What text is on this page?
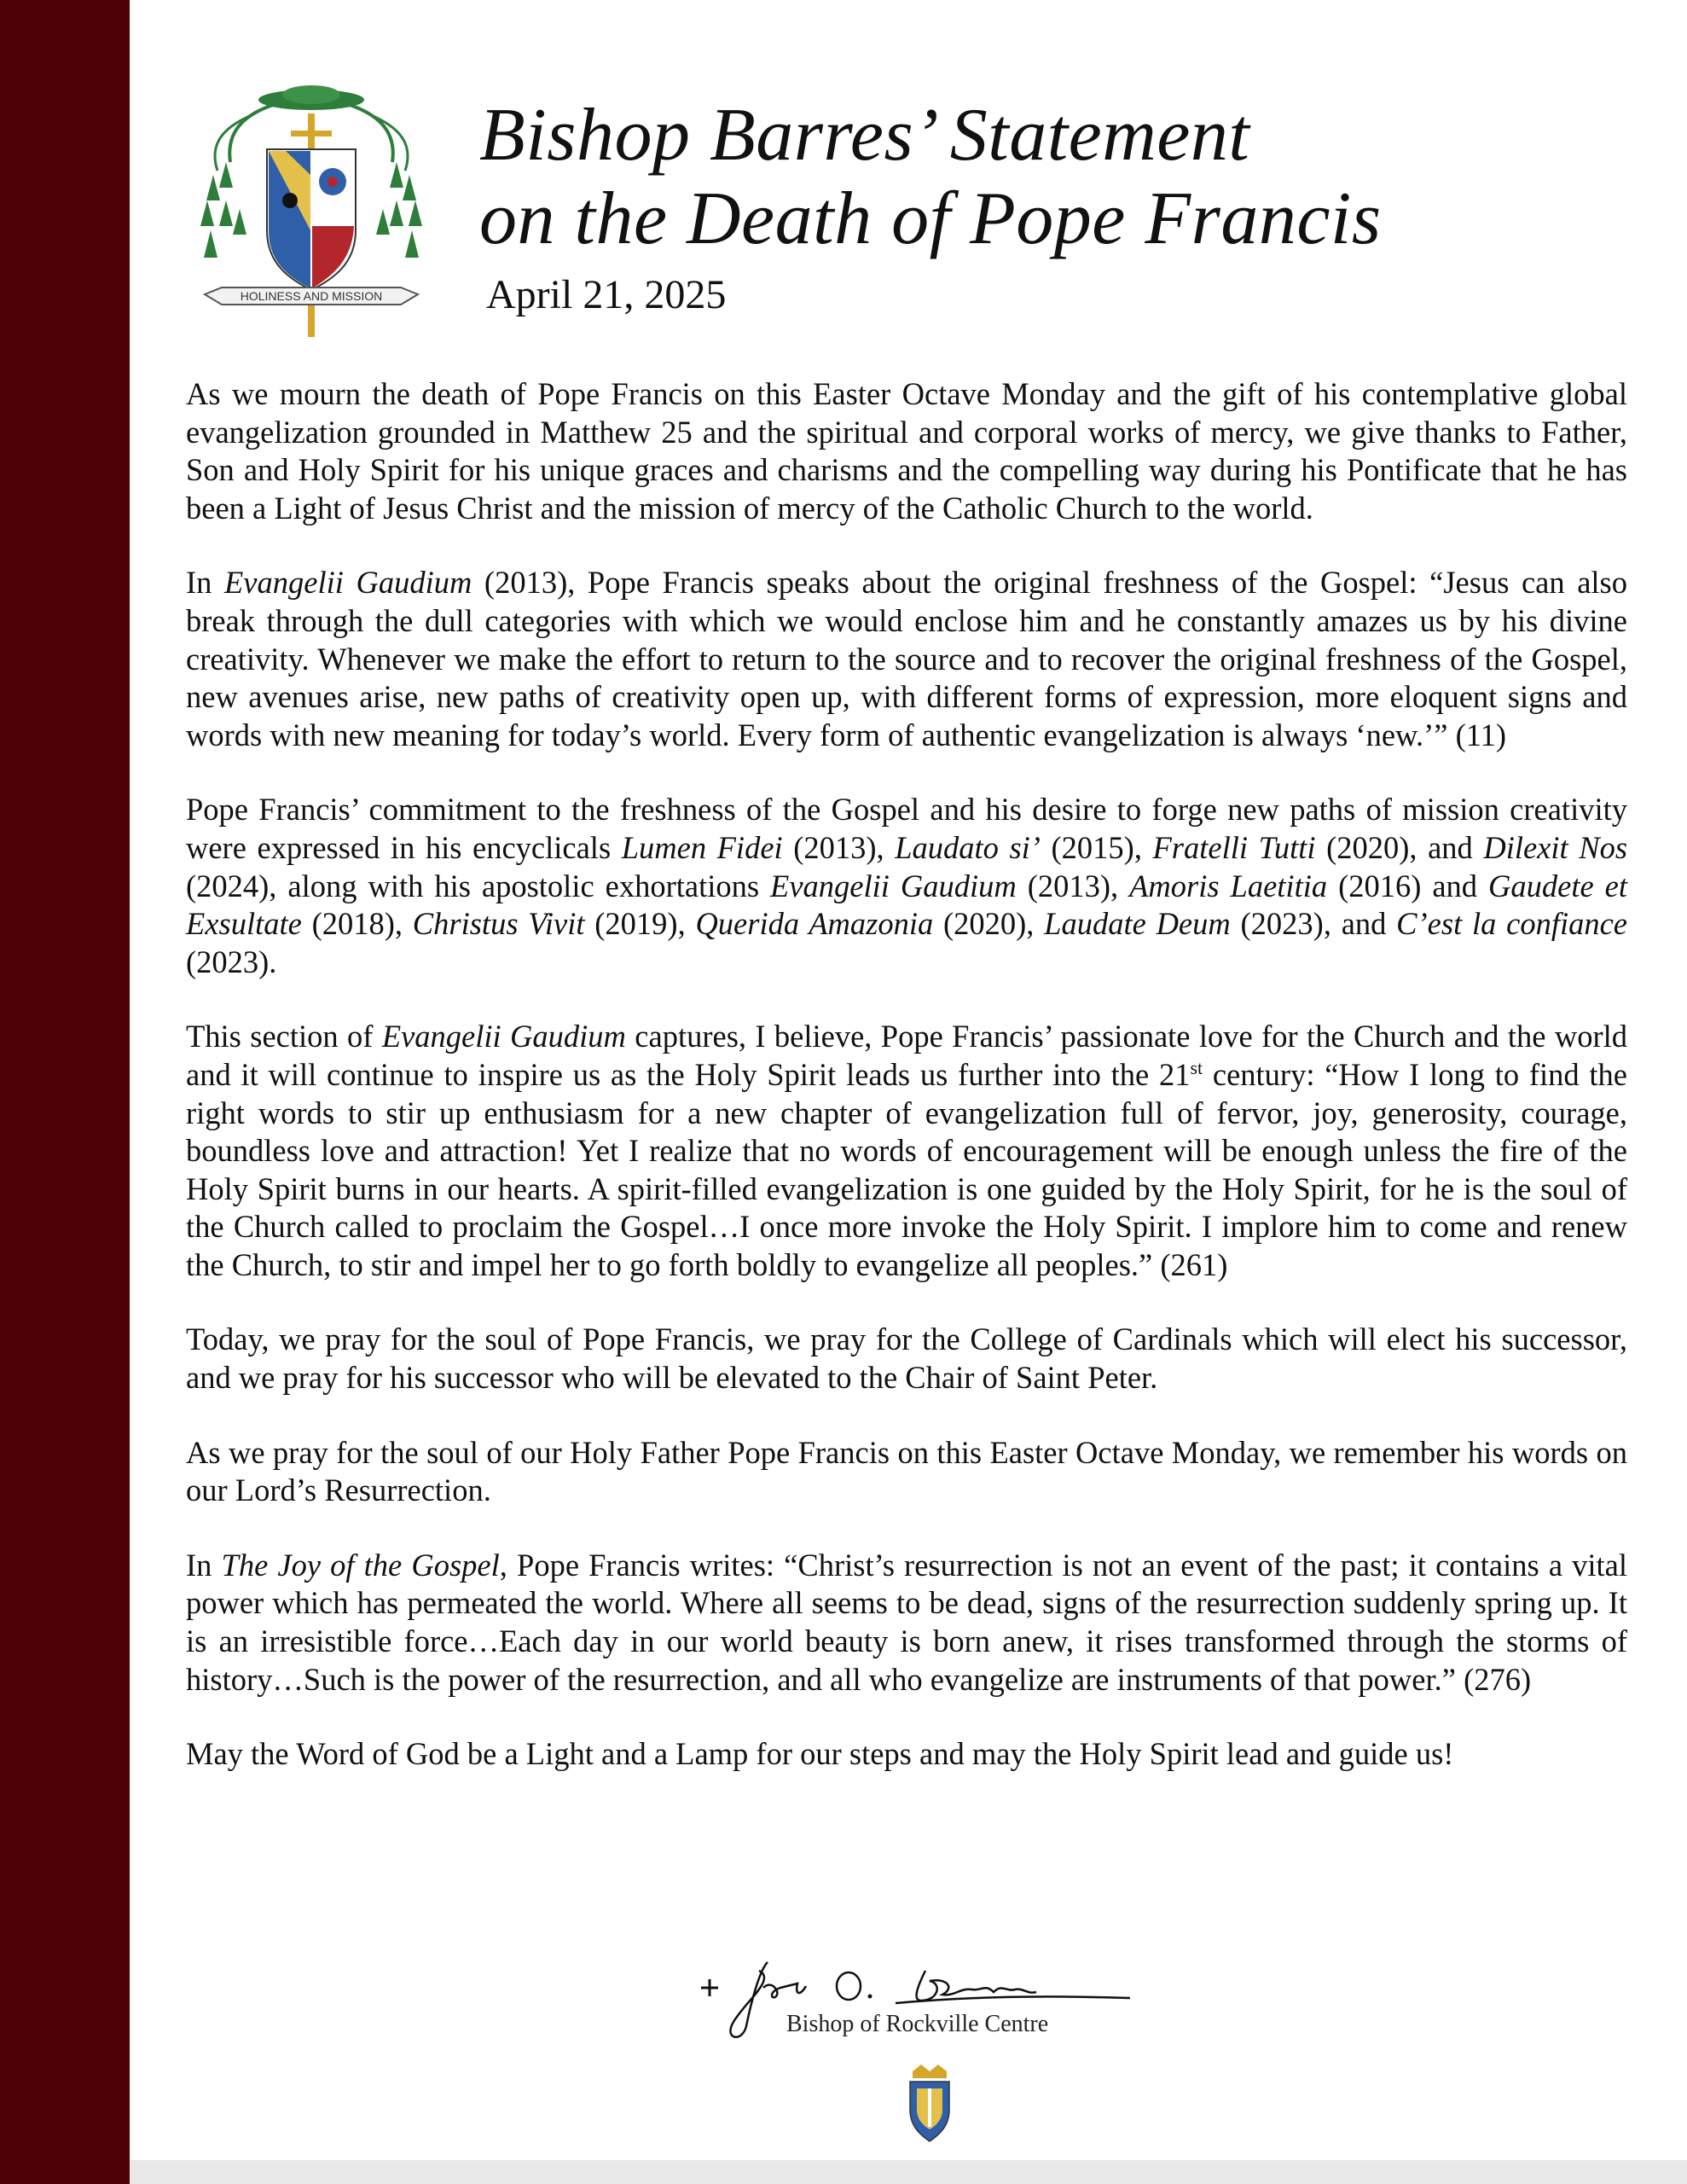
HOLINESS AND MISSION
Bishop Barres’ Statement
on the Death of Pope Francis
April 21, 2025

As we mourn the death of Pope Francis on this Easter Octave Monday and the gift of his contemplative global evangelization grounded in Matthew 25 and the spiritual and corporal works of mercy, we give thanks to Father, Son and Holy Spirit for his unique graces and charisms and the compelling way during his Pontificate that he has been a Light of Jesus Christ and the mission of mercy of the Catholic Church to the world.

In Evangelii Gaudium (2013), Pope Francis speaks about the original freshness of the Gospel: “Jesus can also break through the dull categories with which we would enclose him and he constantly amazes us by his divine creativity. Whenever we make the effort to return to the source and to recover the original freshness of the Gospel, new avenues arise, new paths of creativity open up, with different forms of expression, more eloquent signs and words with new meaning for today’s world. Every form of authentic evangelization is always ‘new.’” (11)

Pope Francis’ commitment to the freshness of the Gospel and his desire to forge new paths of mission creativity were expressed in his encyclicals Lumen Fidei (2013), Laudato si’ (2015), Fratelli Tutti (2020), and Dilexit Nos (2024), along with his apostolic exhortations Evangelii Gaudium (2013), Amoris Laetitia (2016) and Gaudete et Exsultate (2018), Christus Vivit (2019), Querida Amazonia (2020), Laudate Deum (2023), and C’est la confiance (2023).

This section of Evangelii Gaudium captures, I believe, Pope Francis’ passionate love for the Church and the world and it will continue to inspire us as the Holy Spirit leads us further into the 21st century: “How I long to find the right words to stir up enthusiasm for a new chapter of evangelization full of fervor, joy, generosity, courage, boundless love and attraction! Yet I realize that no words of encouragement will be enough unless the fire of the Holy Spirit burns in our hearts. A spirit-filled evangelization is one guided by the Holy Spirit, for he is the soul of the Church called to proclaim the Gospel…I once more invoke the Holy Spirit. I implore him to come and renew the Church, to stir and impel her to go forth boldly to evangelize all peoples.” (261)

Today, we pray for the soul of Pope Francis, we pray for the College of Cardinals which will elect his successor, and we pray for his successor who will be elevated to the Chair of Saint Peter.

As we pray for the soul of our Holy Father Pope Francis on this Easter Octave Monday, we remember his words on our Lord’s Resurrection.

In The Joy of the Gospel, Pope Francis writes: “Christ’s resurrection is not an event of the past; it contains a vital power which has permeated the world. Where all seems to be dead, signs of the resurrection suddenly spring up. It is an irresistible force…Each day in our world beauty is born anew, it rises transformed through the storms of history…Such is the power of the resurrection, and all who evangelize are instruments of that power.” (276)

May the Word of God be a Light and a Lamp for our steps and may the Holy Spirit lead and guide us!

Bishop of Rockville Centre
